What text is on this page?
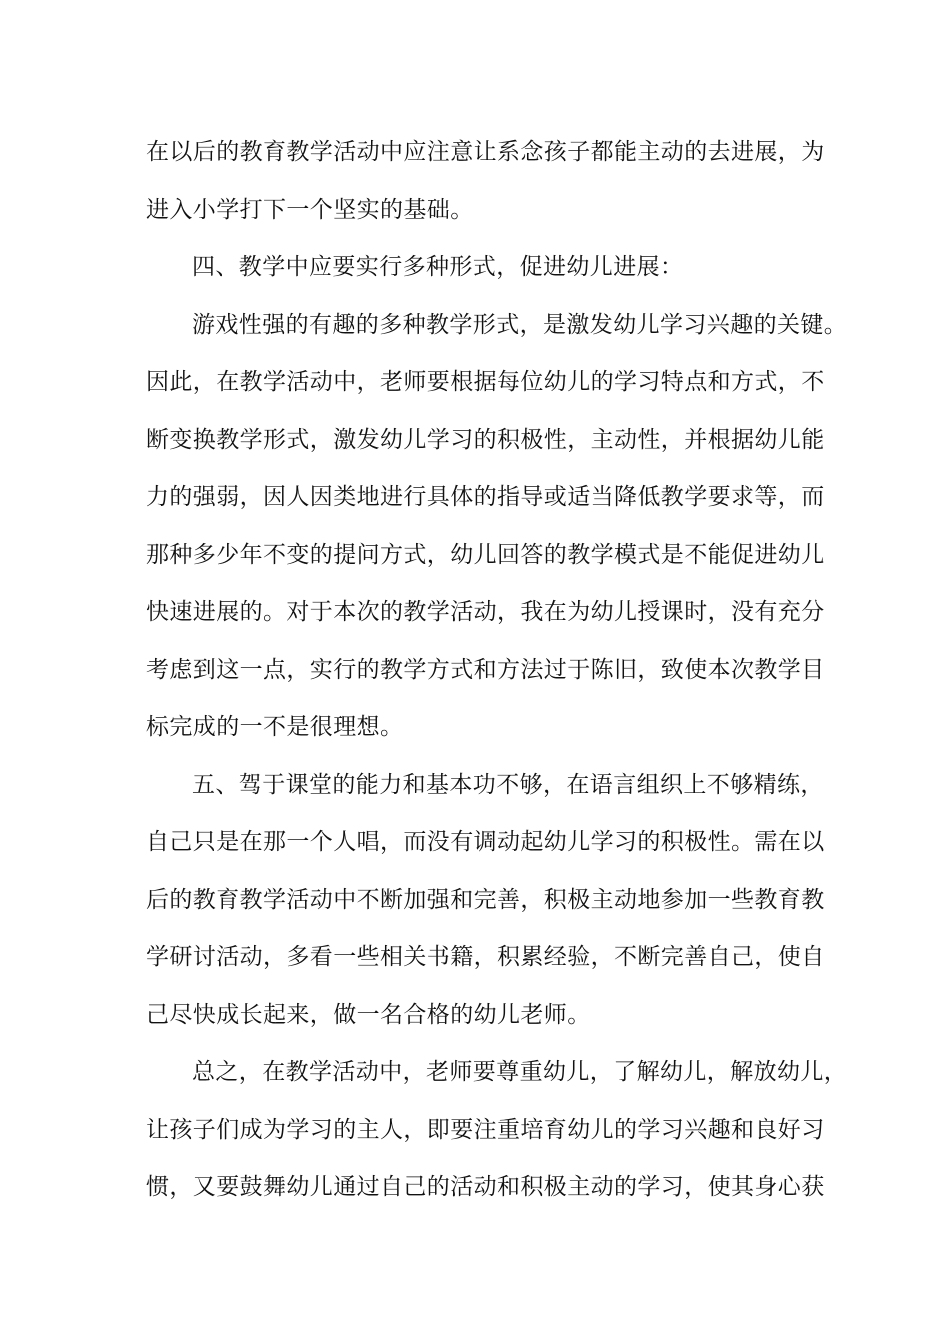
在以后的教育教学活动中应注意让系念孩子都能主动的去进展，为
进入小学打下一个坚实的基础。
四、教学中应要实行多种形式，促进幼儿进展：
游戏性强的有趣的多种教学形式，是激发幼儿学习兴趣的关键。
因此，在教学活动中，老师要根据每位幼儿的学习特点和方式，不
断变换教学形式，激发幼儿学习的积极性，主动性，并根据幼儿能
力的强弱，因人因类地进行具体的指导或适当降低教学要求等，而
那种多少年不变的提问方式，幼儿回答的教学模式是不能促进幼儿
快速进展的。对于本次的教学活动，我在为幼儿授课时，没有充分
考虑到这一点，实行的教学方式和方法过于陈旧，致使本次教学目
标完成的一不是很理想。
五、驾于课堂的能力和基本功不够，在语言组织上不够精练，
自己只是在那一个人唱，而没有调动起幼儿学习的积极性。需在以
后的教育教学活动中不断加强和完善，积极主动地参加一些教育教
学研讨活动，多看一些相关书籍，积累经验，不断完善自己，使自
己尽快成长起来，做一名合格的幼儿老师。
总之，在教学活动中，老师要尊重幼儿，了解幼儿，解放幼儿，
让孩子们成为学习的主人，即要注重培育幼儿的学习兴趣和良好习
惯，又要鼓舞幼儿通过自己的活动和积极主动的学习，使其身心获
